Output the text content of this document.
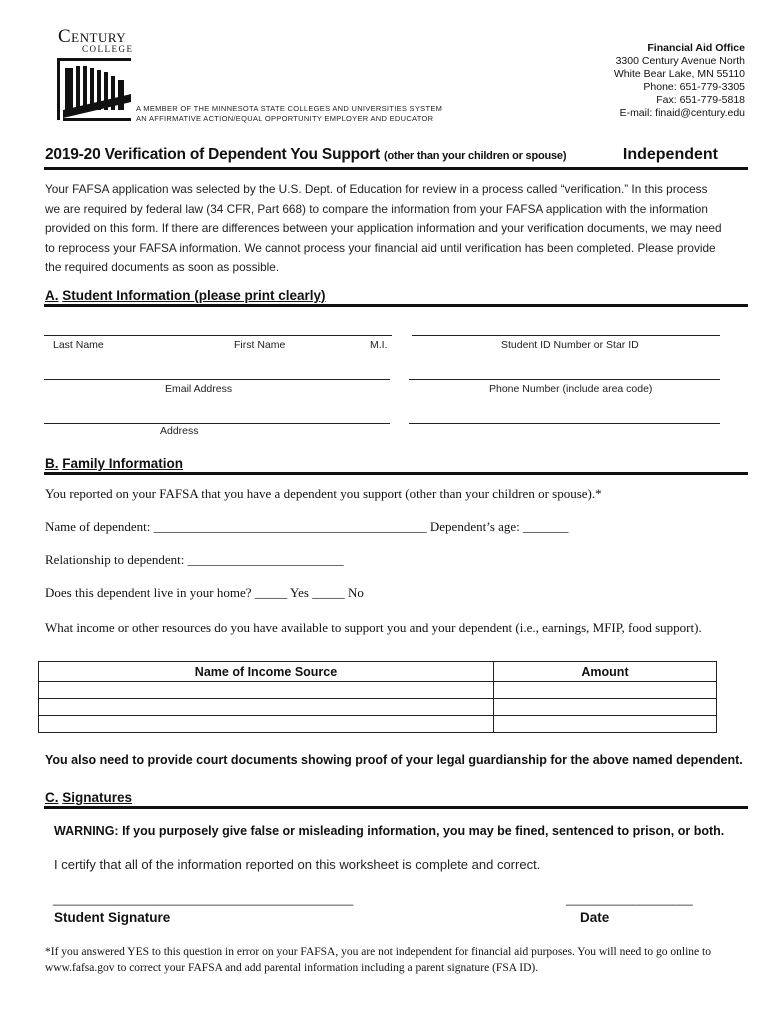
Century
COLLEGE
A MEMBER OF THE MINNESOTA STATE COLLEGES AND UNIVERSITIES SYSTEM
AN AFFIRMATIVE ACTION/EQUAL OPPORTUNITY EMPLOYER AND EDUCATOR
Financial Aid Office
3300 Century Avenue North
White Bear Lake, MN 55110
Phone: 651-779-3305
Fax: 651-779-5818
E-mail: finaid@century.edu
2019-20 Verification of Dependent You Support (other than your children or spouse)	Independent
Your FAFSA application was selected by the U.S. Dept. of Education for review in a process called “verification.” In this process we are required by federal law (34 CFR, Part 668) to compare the information from your FAFSA application with the information provided on this form. If there are differences between your application information and your verification documents, we may need to reprocess your FAFSA information. We cannot process your financial aid until verification has been completed. Please provide the required documents as soon as possible.
A. Student Information (please print clearly)
Last Name	First Name	M.I.	Student ID Number or Star ID
Email Address	Phone Number (include area code)
Address
B. Family Information
You reported on your FAFSA that you have a dependent you support (other than your children or spouse).*
Name of dependent: __________________________________________ Dependent’s age: _______
Relationship to dependent: ________________________
Does this dependent live in your home? _____ Yes _____ No
What income or other resources do you have available to support you and your dependent (i.e., earnings, MFIP, food support).
Name of Income Source	Amount

You also need to provide court documents showing proof of your legal guardianship for the above named dependent.
C. Signatures
WARNING: If you purposely give false or misleading information, you may be fined, sentenced to prison, or both.
I certify that all of the information reported on this worksheet is complete and correct.
_____________________________________________	___________________
Student Signature	Date
*If you answered YES to this question in error on your FAFSA, you are not independent for financial aid purposes. You will need to go online to www.fafsa.gov to correct your FAFSA and add parental information including a parent signature (FSA ID).
